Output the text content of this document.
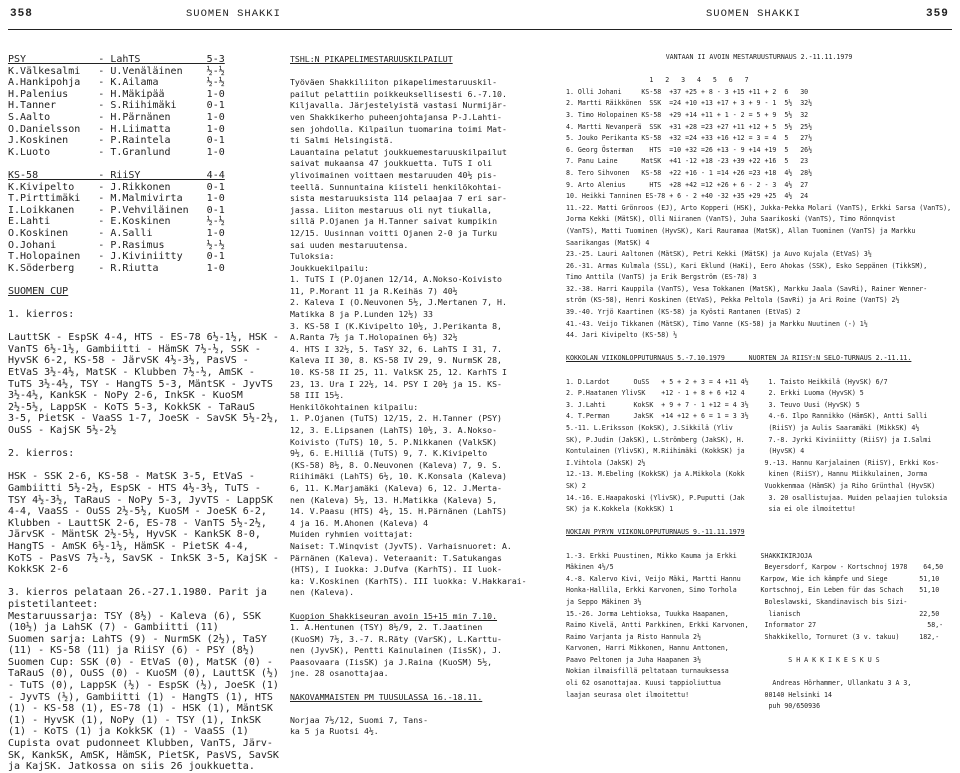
358	SUOMEN SHAKKI	SUOMEN SHAKKI	359
PSY            - LahTS           5-3
K.Välkesalmi   - U.Venäläinen    ½-½
A.Hankipohja   - K.Ailama        ½-½
H.Palenius     - H.Mäkipää       1-0
H.Tanner       - S.Riihimäki     0-1
S.Aalto        - H.Pärnänen      1-0
O.Danielsson   - H.Liimatta      1-0
J.Koskinen     - P.Raintela      0-1
K.Luoto        - T.Granlund      1-0
KS-58          - RiiSY           4-4
K.Kivipelto    - J.Rikkonen      0-1
T.Pirttimäki   - M.Malmivirta    1-0
I.Loikkanen    - P.Vehviläinen   0-1
E.Lahti        - E.Koskinen      ½-½
O.Koskinen     - A.Salli         1-0
O.Johani       - P.Rasimus       ½-½
T.Holopainen   - J.Kiviniitty    0-1
K.Söderberg    - R.Riutta        1-0
SUOMEN CUP
1. kierros:
LauttSK - EspSK 4-4, HTS - ES-78 6½-1½, HSK -
VanTS 6½-1½, Gambiitti - HämSK 7½-½, SSK -
HyvSK 6-2, KS-58 - JärvSK 4½-3½, PasVS -
EtVaS 3½-4½, MatSK - Klubben 7½-½, AmSK -
TuTS 3½-4½, TSY - HangTS 5-3, MäntSK - JyvTS
3½-4½, KankSK - NoPy 2-6, InkSK - KuoSM
2½-5½, LappSK - KoTS 5-3, KokkSK - TaRauS
3-5, PietSK - VaaSS 1-7, JoeSK - SavSK 5½-2½,
OuSS - KajSK 5½-2½
2. kierros:
HSK - SSK 2-6, KS-58 - MatSK 3-5, EtVaS -
Gambiitti 5½-2½, EspSK - HTS 4½-3½, TuTS -
TSY 4½-3½, TaRauS - NoPy 5-3, JyvTS - LappSK
4-4, VaaSS - OuSS 2½-5½, KuoSM - JoeSK 6-2,
Klubben - LauttSK 2-6, ES-78 - VanTS 5½-2½,
JärvSK - MäntSK 2½-5½, HyvSK - KankSK 8-0,
HangTS - AmSK 6½-1½, HämSK - PietSK 4-4,
KoTS - PasVS 7½-½, SavSK - InkSK 3-5, KajSK -
KokkSK 2-6
3. kierros pelataan 26.-27.1.1980. Parit ja
pistetilanteet:
Mestaruussarja: TSY (8½) - Kaleva (6), SSK
(10½) ja LahSK (7) - Gambiitti (11)
Suomen sarja: LahTS (9) - NurmSK (2½), TaSY
(11) - KS-58 (11) ja RiiSY (6) - PSY (8½)
Suomen Cup: SSK (0) - EtVaS (0), MatSK (0) -
TaRauS (0), OuSS (0) - KuoSM (0), LauttSK (½)
- TuTS (0), LappSK (½) - EspSK (½), JoeSK (1)
- JyvTS (½), Gambiitti (1) - HangTS (1), HTS
(1) - KS-58 (1), ES-78 (1) - HSK (1), MäntSK
(1) - HyvSK (1), NoPy (1) - TSY (1), InkSK
(1) - KoTS (1) ja KokkSK (1) - VaaSS (1)
Cupista ovat pudonneet Klubben, VanTS, Järv-
SK, KankSK, AmSK, HämSK, PietSK, PasVS, SavSK
ja KajSK. Jatkossa on siis 26 joukkuetta.
TSHL:N PIKAPELIMESTARUUSKILPAILUT
Työväen Shakkiliiton pikapelimestaruuskil-
pailut pelattiin poikkeuksellisesti 6.-7.10.
Kiljavalla. Järjestelyistä vastasi Nurmijär-
ven Shakkikerho puheenjohtajansa P-J.Lahti-
sen johdolla. Kilpailun tuomarina toimi Mat-
ti Salmi Helsingistä.
Lauantaina pelatut joukkuemestaruuskilpailut
saivat mukaansa 47 joukkuetta. TuTS I oli
ylivoimainen voittaen mestaruuden 40½ pis-
teellä. Sunnuntaina kiisteli henkilökohtai-
sista mestaruuksista 114 pelaajaa 7 eri sar-
jassa. Liiton mestaruus oli nyt tiukalla,
sillä P.Ojanen ja H.Tanner saivat kumpikin
12/15. Uusinnan voitti Ojanen 2-0 ja Turku
sai uuden mestaruutensa.
Tuloksia:
Joukkuekilpailu:
1. TuTS I (P.Ojanen 12/14, A.Nokso-Koivisto
11, P.Morant 11 ja R.Keihäs 7) 40½
2. Kaleva I (O.Neuvonen 5½, J.Mertanen 7, H.
Matikka 8 ja P.Lunden 12½) 33
3. KS-58 I (K.Kivipelto 10½, J.Perikanta 8,
A.Ranta 7½ ja T.Holopainen 6½) 32½
4. HTS I 32½, 5. TaSY 32, 6. LahTS I 31, 7.
Kaleva II 30, 8. KS-58 IV 29, 9. NurmSK 28,
10. KS-58 II 25, 11. ValkSK 25, 12. KarhTS I
23, 13. Ura I 22½, 14. PSY I 20½ ja 15. KS-
58 III 15½.
Henkilökohtainen kilpailu:
1. P.Ojanen (TuTS) 12/15, 2. H.Tanner (PSY)
12, 3. E.Lipsanen (LahTS) 10½, 3. A.Nokso-
Koivisto (TuTS) 10, 5. P.Nikkanen (ValkSK)
9½, 6. E.Hilliä (TuTS) 9, 7. K.Kivipelto
(KS-58) 8½, 8. O.Neuvonen (Kaleva) 7, 9. S.
Riihimäki (LahTS) 6½, 10. K.Konsala (Kaleva)
6, 11. K.Marjamäki (Kaleva) 6, 12. J.Merta-
nen (Kaleva) 5½, 13. H.Matikka (Kaleva) 5,
14. V.Paasu (HTS) 4½, 15. H.Pärnänen (LahTS)
4 ja 16. M.Ahonen (Kaleva) 4
Muiden ryhmien voittajat:
Naiset: T.Winqvist (JyvTS). Varhaisnuoret: A.
Pärnänen (Kaleva). Veteraanit: T.Satukangas
(HTS), I Iuokka: J.Dufva (KarhTS). II luok-
ka: V.Koskinen (KarhTS). III luokka: V.Hakkarai-
nen (Kaleva).
Kuopion Shakkiseuran avoin 15+15 min 7.10.
1. A.Hentunen (TSY) 8½/9, 2. T.Jaatinen
(KuoSM) 7½, 3.-7. R.Räty (VarSK), L.Karttu-
nen (JyvSK), Pentti Kainulainen (IisSK), J.
Paasovaara (IisSK) ja J.Raina (KuoSM) 5½,
jne. 28 osanottajaa.
NAKOVAMMAISTEN PM TUUSULASSA 16.-18.11.
Norjaa 7½/12, Suomi 7, Tans-
ka 5 ja Ruotsi 4½.
VANTAAN II AVOIN MESTARUUSTURNAUS 2.-11.11.1979
1   2   3   4   5   6   7
1. Olli Johani     KS-58  +37 +25 + 8 - 3 +15 +11 + 2  6   30
2. Martti Räikkönen  SSK  =24 +10 +13 +17 + 3 + 9 - 1  5½  32½
3. Timo Holopainen KS-58  +29 +14 +11 + 1 - 2 = 5 + 9  5½  32
4. Martti Nevanperä  SSK  +31 +28 =23 +27 +11 +12 + 5  5½  25½
5. Jouko Perikanta KS-58  +32 =24 +33 +16 +12 = 3 = 4  5   27½
6. Georg Österman    HTS  =10 +32 =26 +13 - 9 +14 +19  5   26½
7. Panu Laine      MatSK  +41 -12 +18 -23 +39 +22 +16  5   23
8. Tero Sihvonen   KS-58  +22 +16 - 1 =14 +26 =23 +18  4½  28½
9. Arto Alenius      HTS  +28 +42 =12 +26 + 6 - 2 - 3  4½  27
10. Heikki Tanninen ES-78 + 6 - 2 +40 -32 +35 +29 +25  4½  24
11.-22. Matti Grönroos (EJ), Arto Kopperi (HSK), Jukka-Pekka Molari (VanTS), Erkki Sarsa (VanTS),
Jorma Kekki (MätSK), Olli Niiranen (VanTS), Juha Saarikoski (VanTS), Timo Rönnqvist
(VanTS), Matti Tuominen (HyvSK), Kari Rauramaa (MatSK), Allan Tuominen (VanTS) ja Markku
Saarikangas (MatSK) 4
23.-25. Lauri Aaltonen (MätSK), Petri Kekki (MätSK) ja Auvo Kujala (EtVaS) 3½
26.-31. Armas Kulmala (SSL), Kari Eklund (HaKi), Eero Ahokas (SSK), Esko Seppänen (TikkSM),
Timo Anttila (VanTS) ja Erik Bergström (ES-78) 3
32.-38. Harri Kauppila (VanTS), Vesa Tokkanen (MatSK), Markku Jaala (SavRi), Rainer Wenner-
ström (KS-58), Henri Koskinen (EtVaS), Pekka Peltola (SavRi) ja Ari Roine (VanTS) 2½
39.-40. Yrjö Kaartinen (KS-58) ja Kyösti Rantanen (EtVaS) 2
41.-43. Veijo Tikkanen (MätSK), Timo Vanne (KS-58) ja Markku Nuutinen (-) 1½
44. Jari Kivipelto (KS-58) ½
KOKKOLAN VIIKONLOPPUTURNAUS 5.-7.10.1979      NUORTEN JA RIISY:N SELO-TURNAUS 2.-11.11.
1. D.Lardot      OuSS   + 5 + 2 + 3 = 4 +11 4½     1. Taisto Heikkilä (HyvSK) 6/7
2. P.Haatanen YlivSK    +12 - 1 + 8 + 6 +12 4      2. Erkki Luoma (HyvSK) 5
3. J.Lahti       KokSK  + 9 + 7 - 1 +12 = 4 3½     3. Teuvo Uusi (HyvSK) 5
4. T.Perman      JakSK  +14 +12 + 6 = 1 = 3 3½     4.-6. Ilpo Rannikko (HämSK), Antti Salli
5.-11. L.Eriksson (KokSK), J.Sikkilä (Yliv         (RiiSY) ja Aulis Saaramäki (MikkSK) 4½
SK), P.Judin (JakSK), L.Strömberg (JakSK), H.      7.-8. Jyrki Kiviniitty (RiiSY) ja I.Salmi
Kontulainen (YlivSK), M.Riihimäki (KokkSK) ja      (HyvSK) 4
I.Vihtola (JakSK) 2½                              9.-13. Hannu Karjalainen (RiiSY), Erkki Kos-
12.-13. M.Ebeling (KokkSK) ja A.Mikkola (Kokk      kinen (RiiSY), Hannu Miikkulainen, Jorma
SK) 2                                             Vuokkenmaa (HämSK) ja Riho Grünthal (HyvSK)
14.-16. E.Haapakoski (YlivSK), P.Puputti (Jak      3. 20 osallistujaa. Muiden pelaajien tuloksia
SK) ja K.Kokkela (KokkSK) 1                        sia ei ole ilmoitettu!
NOKIAN PYRYN VIIKONLOPPUTURNAUS 9.-11.11.1979
1.-3. Erkki Puustinen, Mikko Kauma ja Erkki      SHAKKIKIRJOJA
Mäkinen 4½/5                                      Beyersdorf, Karpow - Kortschnoj 1978    64,50
4.-8. Kalervo Kivi, Veijo Mäki, Martti Hannu     Karpow, Wie ich kämpfe und Siege        51,10
Honka-Hallila, Erkki Karvonen, Simo Torhola      Kortschnoj, Ein Leben für das Schach    51,10
ja Seppo Mäkinen 3½                               Boleslawski, Skandinavisch bis Sizi-
15.-26. Jorma Lehtioksa, Tuukka Haapanen,          lianisch                              22,50
Raimo Kivelä, Antti Parkkinen, Erkki Karvonen,    Informator 27                            58,-
Raimo Varjanta ja Risto Hannula 2½                Shakkikello, Tornuret (3 v. takuu)     182,-
Karvonen, Harri Mikkonen, Hannu Anttonen,
Paavo Peltonen ja Juha Haapanen 3½                      S H A K K I K E S K U S
Nokian ilmaisfillä peltataan turnauksessa
oli 62 osanottajaa. Kuusi tappioliuttua             Andreas Hörhammer, Ullankatu 3 A 3,
laajan seurasa olet ilmoitettu!                   00140 Helsinki 14
puh 90/650936
